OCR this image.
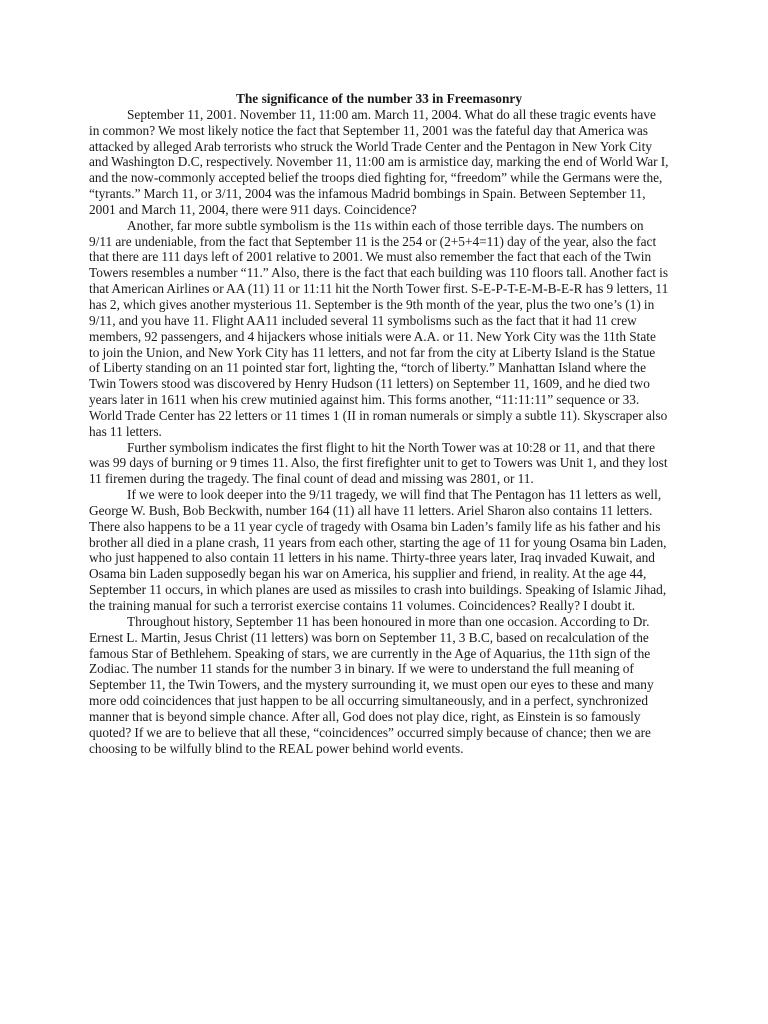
The significance of the number 33 in Freemasonry

September 11, 2001. November 11, 11:00 am. March 11, 2004. What do all these tragic events have in common? We most likely notice the fact that September 11, 2001 was the fateful day that America was attacked by alleged Arab terrorists who struck the World Trade Center and the Pentagon in New York City and Washington D.C, respectively. November 11, 11:00 am is armistice day, marking the end of World War I, and the now-commonly accepted belief the troops died fighting for, “freedom” while the Germans were the, “tyrants.” March 11, or 3/11, 2004 was the infamous Madrid bombings in Spain. Between September 11, 2001 and March 11, 2004, there were 911 days. Coincidence?

Another, far more subtle symbolism is the 11s within each of those terrible days. The numbers on 9/11 are undeniable, from the fact that September 11 is the 254 or (2+5+4=11) day of the year, also the fact that there are 111 days left of 2001 relative to 2001. We must also remember the fact that each of the Twin Towers resembles a number “11.” Also, there is the fact that each building was 110 floors tall. Another fact is that American Airlines or AA (11) 11 or 11:11 hit the North Tower first. S-E-P-T-E-M-B-E-R has 9 letters, 11 has 2, which gives another mysterious 11. September is the 9th month of the year, plus the two one’s (1) in 9/11, and you have 11. Flight AA11 included several 11 symbolisms such as the fact that it had 11 crew members, 92 passengers, and 4 hijackers whose initials were A.A. or 11. New York City was the 11th State to join the Union, and New York City has 11 letters, and not far from the city at Liberty Island is the Statue of Liberty standing on an 11 pointed star fort, lighting the, “torch of liberty.” Manhattan Island where the Twin Towers stood was discovered by Henry Hudson (11 letters) on September 11, 1609, and he died two years later in 1611 when his crew mutinied against him. This forms another, “11:11:11” sequence or 33. World Trade Center has 22 letters or 11 times 1 (II in roman numerals or simply a subtle 11). Skyscraper also has 11 letters.

Further symbolism indicates the first flight to hit the North Tower was at 10:28 or 11, and that there was 99 days of burning or 9 times 11. Also, the first firefighter unit to get to Towers was Unit 1, and they lost 11 firemen during the tragedy. The final count of dead and missing was 2801, or 11.

If we were to look deeper into the 9/11 tragedy, we will find that The Pentagon has 11 letters as well, George W. Bush, Bob Beckwith, number 164 (11) all have 11 letters. Ariel Sharon also contains 11 letters. There also happens to be a 11 year cycle of tragedy with Osama bin Laden’s family life as his father and his brother all died in a plane crash, 11 years from each other, starting the age of 11 for young Osama bin Laden, who just happened to also contain 11 letters in his name. Thirty-three years later, Iraq invaded Kuwait, and Osama bin Laden supposedly began his war on America, his supplier and friend, in reality. At the age 44, September 11 occurs, in which planes are used as missiles to crash into buildings. Speaking of Islamic Jihad, the training manual for such a terrorist exercise contains 11 volumes. Coincidences? Really? I doubt it.

Throughout history, September 11 has been honoured in more than one occasion. According to Dr. Ernest L. Martin, Jesus Christ (11 letters) was born on September 11, 3 B.C, based on recalculation of the famous Star of Bethlehem. Speaking of stars, we are currently in the Age of Aquarius, the 11th sign of the Zodiac. The number 11 stands for the number 3 in binary. If we were to understand the full meaning of September 11, the Twin Towers, and the mystery surrounding it, we must open our eyes to these and many more odd coincidences that just happen to be all occurring simultaneously, and in a perfect, synchronized manner that is beyond simple chance. After all, God does not play dice, right, as Einstein is so famously quoted? If we are to believe that all these, “coincidences” occurred simply because of chance; then we are choosing to be wilfully blind to the REAL power behind world events.
